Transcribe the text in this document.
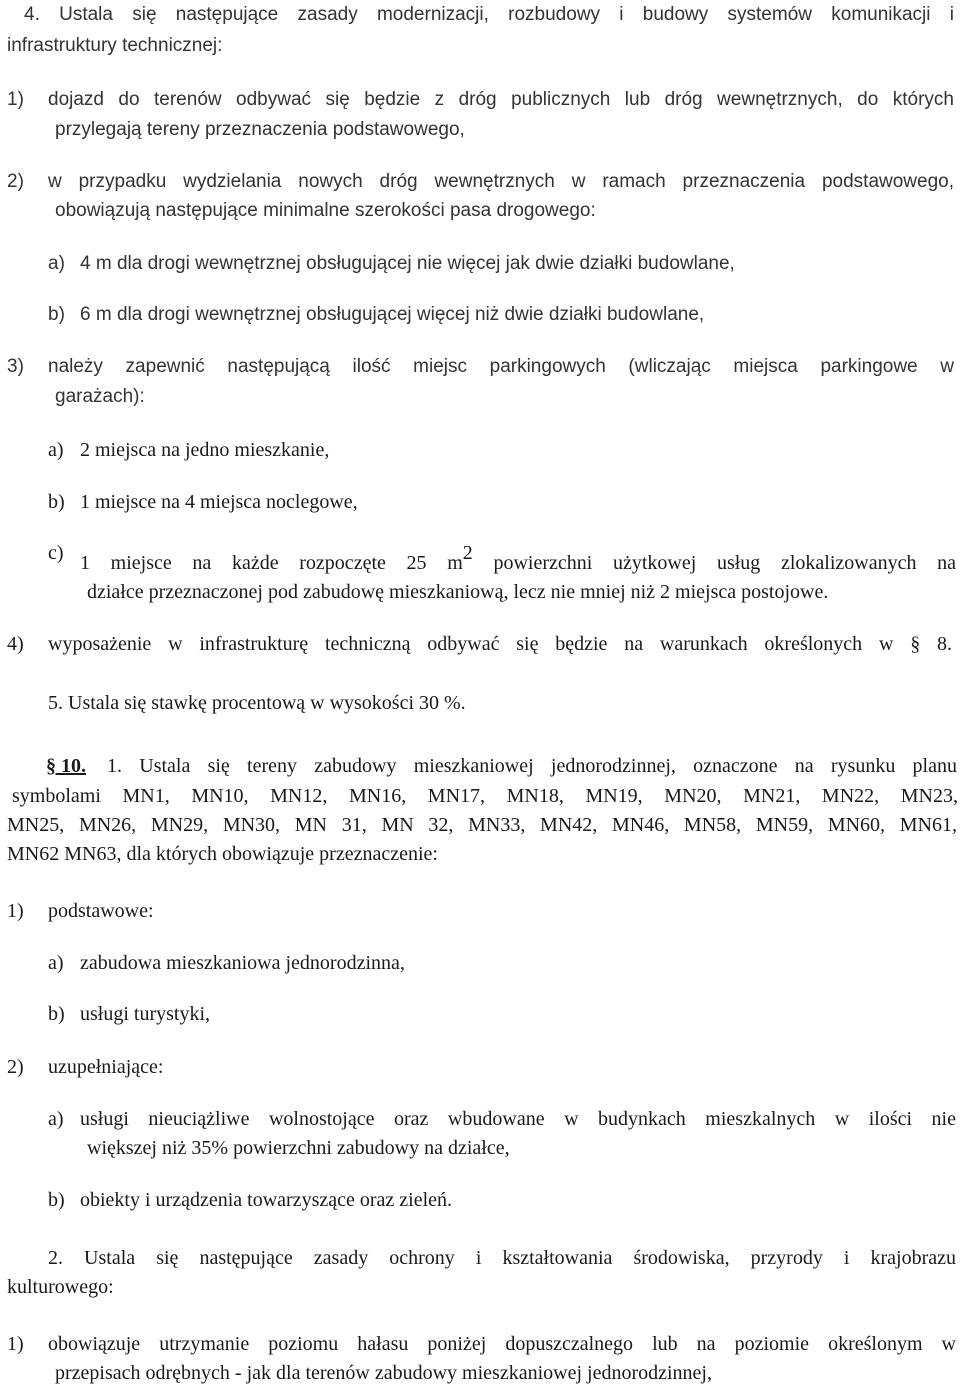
4. Ustala się następujące zasady modernizacji, rozbudowy i budowy systemów komunikacji i
infrastruktury technicznej:
1) dojazd do terenów odbywać się będzie z dróg publicznych lub dróg wewnętrznych, do których
przylegają tereny przeznaczenia podstawowego,
2) w przypadku wydzielania nowych dróg wewnętrznych w ramach przeznaczenia podstawowego,
obowiązują następujące minimalne szerokości pasa drogowego:
a) 4 m dla drogi wewnętrznej obsługującej nie więcej jak dwie działki budowlane,
b) 6 m dla drogi wewnętrznej obsługującej więcej niż dwie działki budowlane,
3) należy zapewnić następującą ilość miejsc parkingowych (wliczając miejsca parkingowe w
garażach):
a) 2 miejsca na jedno mieszkanie,
b) 1 miejsce na 4 miejsca noclegowe,
c) 1 miejsce na każde rozpoczęte 25 $m^2$ powierzchni użytkowej usług zlokalizowanych na
działce przeznaczonej pod zabudowę mieszkaniową, lecz nie mniej niż 2 miejsca postojowe.
4) wyposażenie w infrastrukturę techniczną odbywać się będzie na warunkach określonych w § 8.
5. Ustala się stawkę procentową w wysokości 30 %.
§ 10. 1. Ustala się tereny zabudowy mieszkaniowej jednorodzinnej, oznaczone na rysunku planu
symbolami MN1, MN10, MN12, MN16, MN17, MN18, MN19, MN20, MN21, MN22, MN23,
MN25, MN26, MN29, MN30, MN 31, MN 32, MN33, MN42, MN46, MN58, MN59, MN60, MN61,
MN62 MN63, dla których obowiązuje przeznaczenie:
1) podstawowe:
a) zabudowa mieszkaniowa jednorodzinna,
b) usługi turystyki,
2) uzupełniające:
a) usługi nieuciążliwe wolnostojące oraz wbudowane w budynkach mieszkalnych w ilości nie
większej niż 35% powierzchni zabudowy na działce,
b) obiekty i urządzenia towarzyszące oraz zieleń.
2. Ustala się następujące zasady ochrony i kształtowania środowiska, przyrody i krajobrazu
kulturowego:
1) obowiązuje utrzymanie poziomu hałasu poniżej dopuszczalnego lub na poziomie określonym w
przepisach odrębnych - jak dla terenów zabudowy mieszkaniowej jednorodzinnej,
